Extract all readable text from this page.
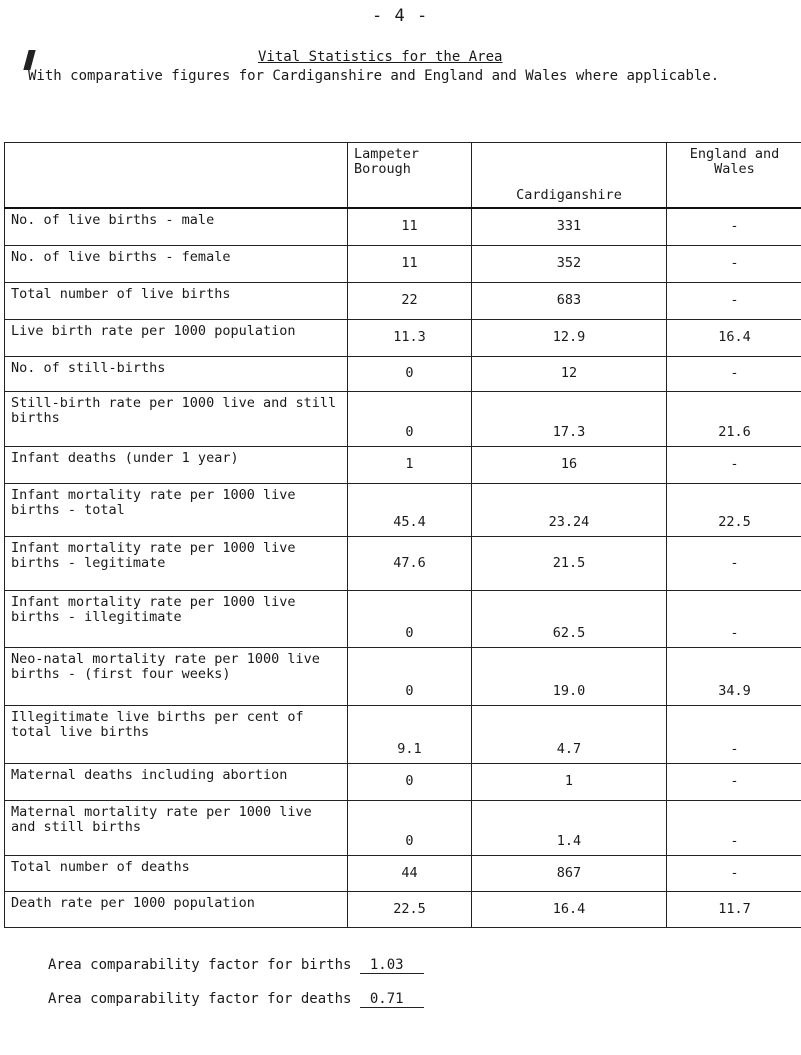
- 4 -
Vital Statistics for the Area
With comparative figures for Cardiganshire and England and Wales where applicable.
	Lampeter Borough	Cardiganshire	England and Wales
No. of live births - male	11	331	-
No. of live births - female	11	352	-
Total number of live births	22	683	-
Live birth rate per 1000 population	11.3	12.9	16.4
No. of still-births	0	12	-
Still-birth rate per 1000 live and still births	0	17.3	21.6
Infant deaths (under 1 year)	1	16	-
Infant mortality rate per 1000 live births - total	45.4	23.24	22.5
Infant mortality rate per 1000 live births - legitimate	47.6	21.5	-
Infant mortality rate per 1000 live births - illegitimate	0	62.5	-
Neo-natal mortality rate per 1000 live births - (first four weeks)	0	19.0	34.9
Illegitimate live births per cent of total live births	9.1	4.7	-
Maternal deaths including abortion	0	1	-
Maternal mortality rate per 1000 live and still births	0	1.4	-
Total number of deaths	44	867	-
Death rate per 1000 population	22.5	16.4	11.7
Area comparability factor for births 1.03
Area comparability factor for deaths 0.71
